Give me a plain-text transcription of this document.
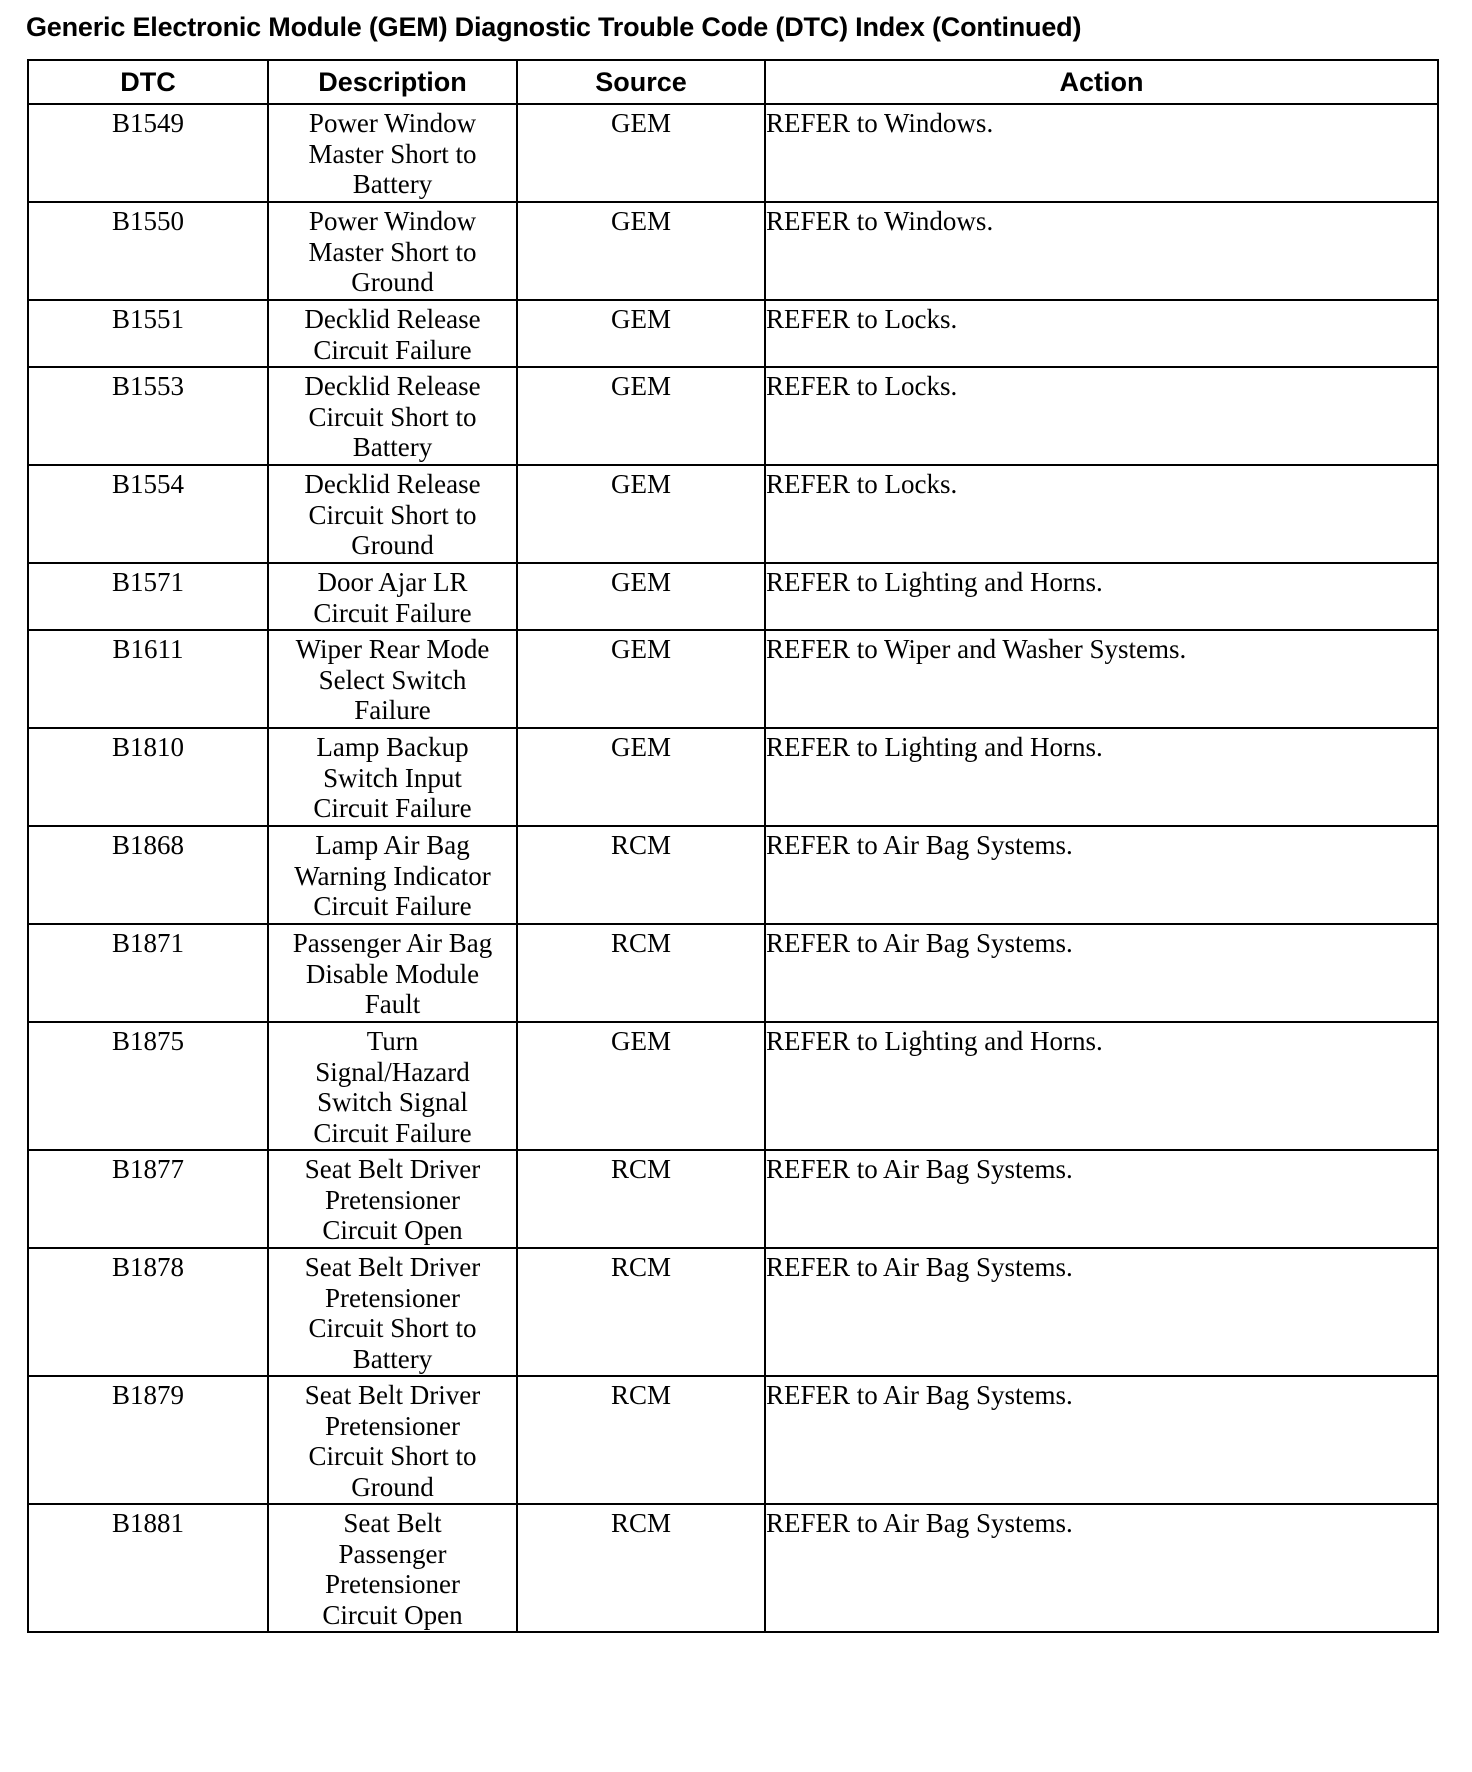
Generic Electronic Module (GEM) Diagnostic Trouble Code (DTC) Index (Continued)
DTC	Description	Source	Action
B1549	Power Window
Master Short to
Battery	GEM	REFER to Windows.
B1550	Power Window
Master Short to
Ground	GEM	REFER to Windows.
B1551	Decklid Release
Circuit Failure	GEM	REFER to Locks.
B1553	Decklid Release
Circuit Short to
Battery	GEM	REFER to Locks.
B1554	Decklid Release
Circuit Short to
Ground	GEM	REFER to Locks.
B1571	Door Ajar LR
Circuit Failure	GEM	REFER to Lighting and Horns.
B1611	Wiper Rear Mode
Select Switch
Failure	GEM	REFER to Wiper and Washer Systems.
B1810	Lamp Backup
Switch Input
Circuit Failure	GEM	REFER to Lighting and Horns.
B1868	Lamp Air Bag
Warning Indicator
Circuit Failure	RCM	REFER to Air Bag Systems.
B1871	Passenger Air Bag
Disable Module
Fault	RCM	REFER to Air Bag Systems.
B1875	Turn
Signal/Hazard
Switch Signal
Circuit Failure	GEM	REFER to Lighting and Horns.
B1877	Seat Belt Driver
Pretensioner
Circuit Open	RCM	REFER to Air Bag Systems.
B1878	Seat Belt Driver
Pretensioner
Circuit Short to
Battery	RCM	REFER to Air Bag Systems.
B1879	Seat Belt Driver
Pretensioner
Circuit Short to
Ground	RCM	REFER to Air Bag Systems.
B1881	Seat Belt
Passenger
Pretensioner
Circuit Open	RCM	REFER to Air Bag Systems.
